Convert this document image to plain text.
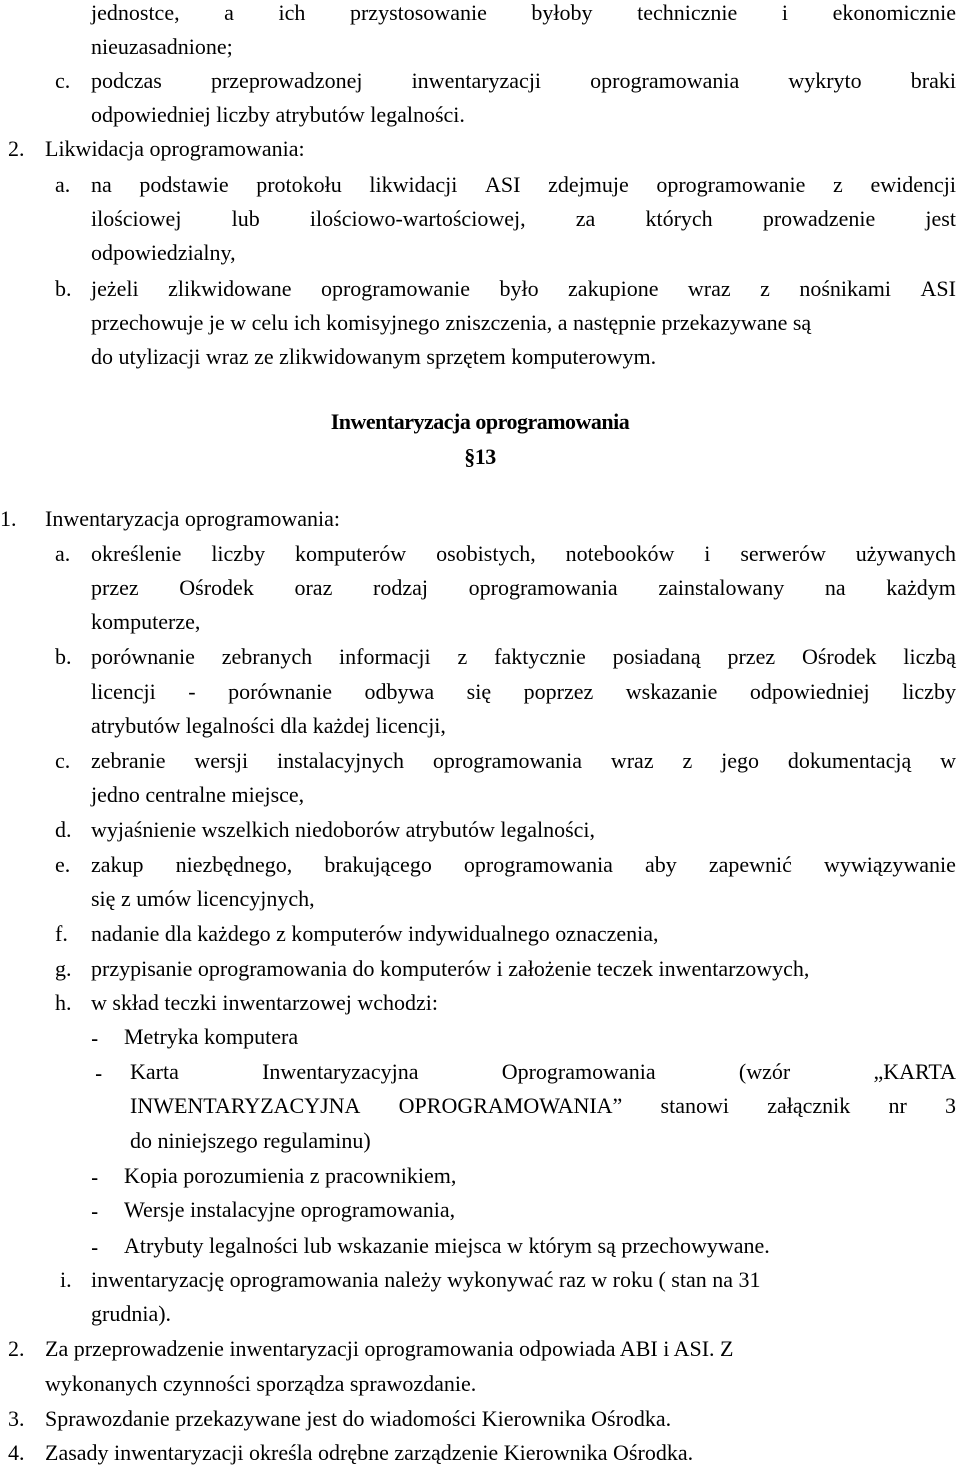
jednostce, a ich przystosowanie byłoby technicznie i ekonomicznie
nieuzasadnione;
c. podczas przeprowadzonej inwentaryzacji oprogramowania wykryto braki
odpowiedniej liczby atrybutów legalności.
2. Likwidacja oprogramowania:
a. na podstawie protokołu likwidacji ASI zdejmuje oprogramowanie z ewidencji
ilościowej lub ilościowo-wartościowej, za których prowadzenie jest
odpowiedzialny,
b. jeżeli zlikwidowane oprogramowanie było zakupione wraz z nośnikami ASI
przechowuje je w celu ich komisyjnego zniszczenia, a następnie przekazywane są
do utylizacji wraz ze zlikwidowanym sprzętem komputerowym.
Inwentaryzacja oprogramowania
§13
1. Inwentaryzacja oprogramowania:
a. określenie liczby komputerów osobistych, notebooków i serwerów używanych
przez Ośrodek oraz rodzaj oprogramowania zainstalowany na każdym
komputerze,
b. porównanie zebranych informacji z faktycznie posiadaną przez Ośrodek liczbą
licencji - porównanie odbywa się poprzez wskazanie odpowiedniej liczby
atrybutów legalności dla każdej licencji,
c. zebranie wersji instalacyjnych oprogramowania wraz z jego dokumentacją w
jedno centralne miejsce,
d. wyjaśnienie wszelkich niedoborów atrybutów legalności,
e. zakup niezbędnego, brakującego oprogramowania aby zapewnić wywiązywanie
się z umów licencyjnych,
f. nadanie dla każdego z komputerów indywidualnego oznaczenia,
g. przypisanie oprogramowania do komputerów i założenie teczek inwentarzowych,
h. w skład teczki inwentarzowej wchodzi:
- Metryka komputera
- Karta	Inwentaryzacyjna	Oprogramowania	(wzór	„KARTA
INWENTARYZACYJNA OPROGRAMOWANIA” stanowi załącznik nr 3
do niniejszego regulaminu)
- Kopia porozumienia z pracownikiem,
- Wersje instalacyjne oprogramowania,
- Atrybuty legalności lub wskazanie miejsca w którym są przechowywane.
i. inwentaryzację oprogramowania należy wykonywać raz w roku ( stan na 31
grudnia).
2. Za przeprowadzenie inwentaryzacji oprogramowania odpowiada ABI i ASI. Z
wykonanych czynności sporządza sprawozdanie.
3. Sprawozdanie przekazywane jest do wiadomości Kierownika Ośrodka.
4. Zasady inwentaryzacji określa odrębne zarządzenie Kierownika Ośrodka.
